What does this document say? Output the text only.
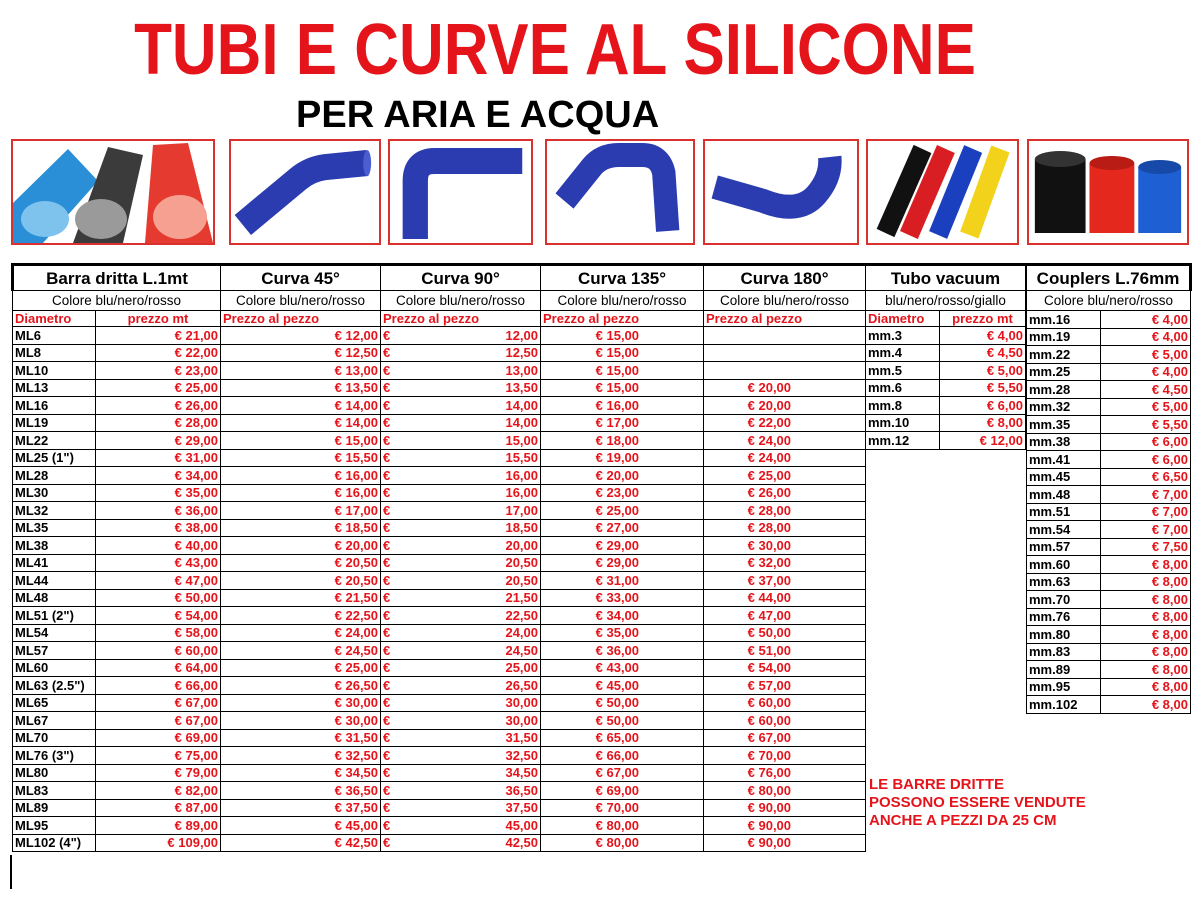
TUBI E CURVE AL SILICONE
PER ARIA E ACQUA
Barra dritta L.1mt		Curva 45°	Curva 90°		Curva 135°	Curva 180°
Colore blu/nero/rosso		Colore blu/nero/rosso	Colore blu/nero/rosso		Colore blu/nero/rosso	Colore blu/nero/rosso
Diametro	prezzo mt	Prezzo al pezzo	Prezzo al pezzo		Prezzo al pezzo	Prezzo al pezzo
ML6	€ 21,00	€ 12,00	€	12,00	€ 15,00	
ML8	€ 22,00	€ 12,50	€	12,50	€ 15,00	
ML10	€ 23,00	€ 13,00	€	13,00	€ 15,00	
ML13	€ 25,00	€ 13,50	€	13,50	€ 15,00	€ 20,00
ML16	€ 26,00	€ 14,00	€	14,00	€ 16,00	€ 20,00
ML19	€ 28,00	€ 14,00	€	14,00	€ 17,00	€ 22,00
ML22	€ 29,00	€ 15,00	€	15,00	€ 18,00	€ 24,00
ML25 (1")	€ 31,00	€ 15,50	€	15,50	€ 19,00	€ 24,00
ML28	€ 34,00	€ 16,00	€	16,00	€ 20,00	€ 25,00
ML30	€ 35,00	€ 16,00	€	16,00	€ 23,00	€ 26,00
ML32	€ 36,00	€ 17,00	€	17,00	€ 25,00	€ 28,00
ML35	€ 38,00	€ 18,50	€	18,50	€ 27,00	€ 28,00
ML38	€ 40,00	€ 20,00	€	20,00	€ 29,00	€ 30,00
ML41	€ 43,00	€ 20,50	€	20,50	€ 29,00	€ 32,00
ML44	€ 47,00	€ 20,50	€	20,50	€ 31,00	€ 37,00
ML48	€ 50,00	€ 21,50	€	21,50	€ 33,00	€ 44,00
ML51 (2")	€ 54,00	€ 22,50	€	22,50	€ 34,00	€ 47,00
ML54	€ 58,00	€ 24,00	€	24,00	€ 35,00	€ 50,00
ML57	€ 60,00	€ 24,50	€	24,50	€ 36,00	€ 51,00
ML60	€ 64,00	€ 25,00	€	25,00	€ 43,00	€ 54,00
ML63 (2.5")	€ 66,00	€ 26,50	€	26,50	€ 45,00	€ 57,00
ML65	€ 67,00	€ 30,00	€	30,00	€ 50,00	€ 60,00
ML67	€ 67,00	€ 30,00	€	30,00	€ 50,00	€ 60,00
ML70	€ 69,00	€ 31,50	€	31,50	€ 65,00	€ 67,00
ML76 (3")	€ 75,00	€ 32,50	€	32,50	€ 66,00	€ 70,00
ML80	€ 79,00	€ 34,50	€	34,50	€ 67,00	€ 76,00
ML83	€ 82,00	€ 36,50	€	36,50	€ 69,00	€ 80,00
ML89	€ 87,00	€ 37,50	€	37,50	€ 70,00	€ 90,00
ML95	€ 89,00	€ 45,00	€	45,00	€ 80,00	€ 90,00
ML102 (4")	€ 109,00	€ 42,50	€	42,50	€ 80,00	€ 90,00
Tubo vacuum	
blu/nero/rosso/giallo	
Diametro	prezzo mt
mm.3	€ 4,00
mm.4	€ 4,50
mm.5	€ 5,00
mm.6	€ 5,50
mm.8	€ 6,00
mm.10	€ 8,00
mm.12	€ 12,00
Couplers L.76mm	
Colore blu/nero/rosso	
mm.16	€ 4,00
mm.19	€ 4,00
mm.22	€ 5,00
mm.25	€ 4,00
mm.28	€ 4,50
mm.32	€ 5,00
mm.35	€ 5,50
mm.38	€ 6,00
mm.41	€ 6,00
mm.45	€ 6,50
mm.48	€ 7,00
mm.51	€ 7,00
mm.54	€ 7,00
mm.57	€ 7,50
mm.60	€ 8,00
mm.63	€ 8,00
mm.70	€ 8,00
mm.76	€ 8,00
mm.80	€ 8,00
mm.83	€ 8,00
mm.89	€ 8,00
mm.95	€ 8,00
mm.102	€ 8,00
LE BARRE DRITTE
POSSONO ESSERE VENDUTE
ANCHE A PEZZI DA 25 CM
